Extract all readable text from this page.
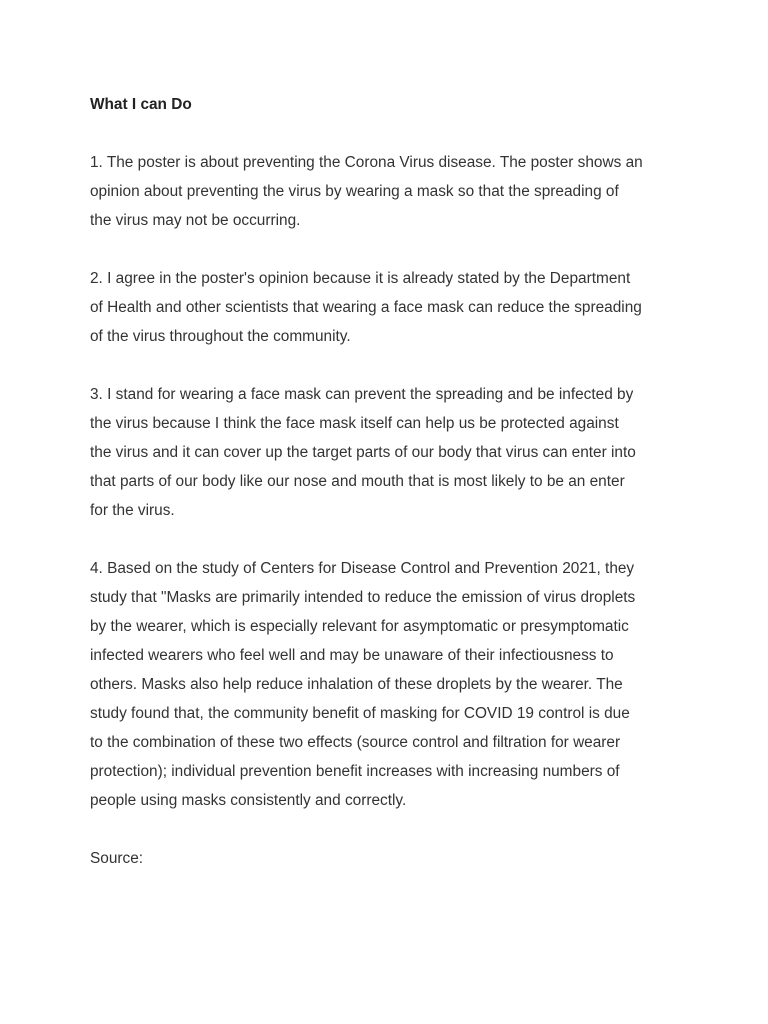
What I can Do

1. The poster is about preventing the Corona Virus disease. The poster shows an
opinion about preventing the virus by wearing a mask so that the spreading of
the virus may not be occurring.

2. I agree in the poster's opinion because it is already stated by the Department
of Health and other scientists that wearing a face mask can reduce the spreading
of the virus throughout the community.

3. I stand for wearing a face mask can prevent the spreading and be infected by
the virus because I think the face mask itself can help us be protected against
the virus and it can cover up the target parts of our body that virus can enter into
that parts of our body like our nose and mouth that is most likely to be an enter
for the virus.

4. Based on the study of Centers for Disease Control and Prevention 2021, they
study that "Masks are primarily intended to reduce the emission of virus droplets
by the wearer, which is especially relevant for asymptomatic or presymptomatic
infected wearers who feel well and may be unaware of their infectiousness to
others. Masks also help reduce inhalation of these droplets by the wearer. The
study found that, the community benefit of masking for COVID 19 control is due
to the combination of these two effects (source control and filtration for wearer
protection); individual prevention benefit increases with increasing numbers of
people using masks consistently and correctly.

Source:
